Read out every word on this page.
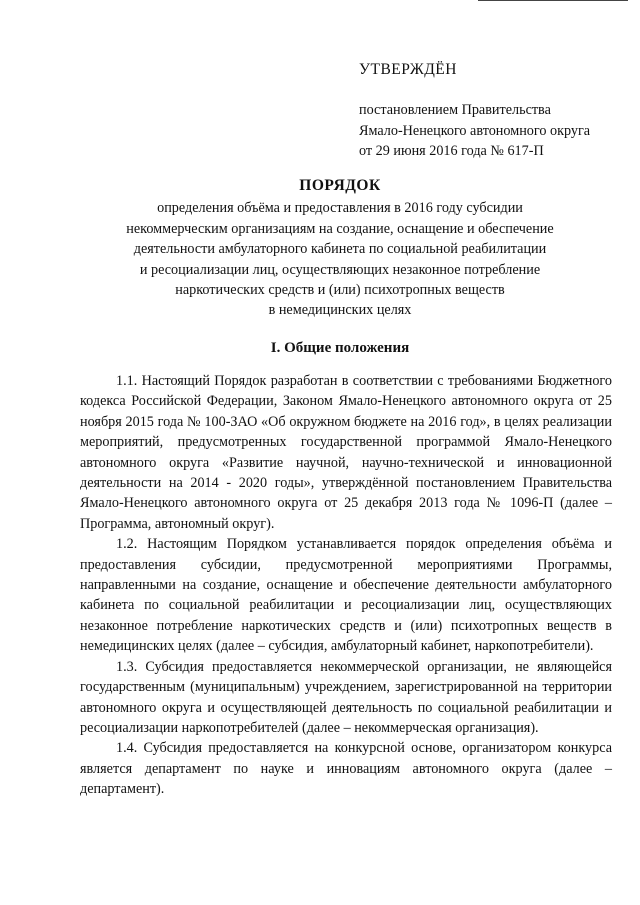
УТВЕРЖДЁН
постановлением Правительства
Ямало-Ненецкого автономного округа
от 29 июня 2016 года № 617-П
ПОРЯДОК
определения объёма и предоставления в 2016 году субсидии
некоммерческим организациям на создание, оснащение и обеспечение
деятельности амбулаторного кабинета по социальной реабилитации
и ресоциализации лиц, осуществляющих незаконное потребление
наркотических средств и (или) психотропных веществ
в немедицинских целях
I. Общие положения

1.1. Настоящий Порядок разработан в соответствии с требованиями Бюджетного кодекса Российской Федерации, Законом Ямало-Ненецкого автономного округа от 25 ноября 2015 года № 100-ЗАО «Об окружном бюджете на 2016 год», в целях реализации мероприятий, предусмотренных государственной программой Ямало-Ненецкого автономного округа «Развитие научной, научно-технической и инновационной деятельности на 2014 - 2020 годы», утверждённой постановлением Правительства Ямало-Ненецкого автономного округа от 25 декабря 2013 года № 1096-П (далее – Программа, автономный округ).

1.2. Настоящим Порядком устанавливается порядок определения объёма и предоставления субсидии, предусмотренной мероприятиями Программы, направленными на создание, оснащение и обеспечение деятельности амбулаторного кабинета по социальной реабилитации и ресоциализации лиц, осуществляющих незаконное потребление наркотических средств и (или) психотропных веществ в немедицинских целях (далее – субсидия, амбулаторный кабинет, наркопотребители).

1.3. Субсидия предоставляется некоммерческой организации, не являющейся государственным (муниципальным) учреждением, зарегистрированной на территории автономного округа и осуществляющей деятельность по социальной реабилитации и ресоциализации наркопотребителей (далее – некоммерческая организация).

1.4. Субсидия предоставляется на конкурсной основе, организатором конкурса является департамент по науке и инновациям автономного округа (далее – департамент).
